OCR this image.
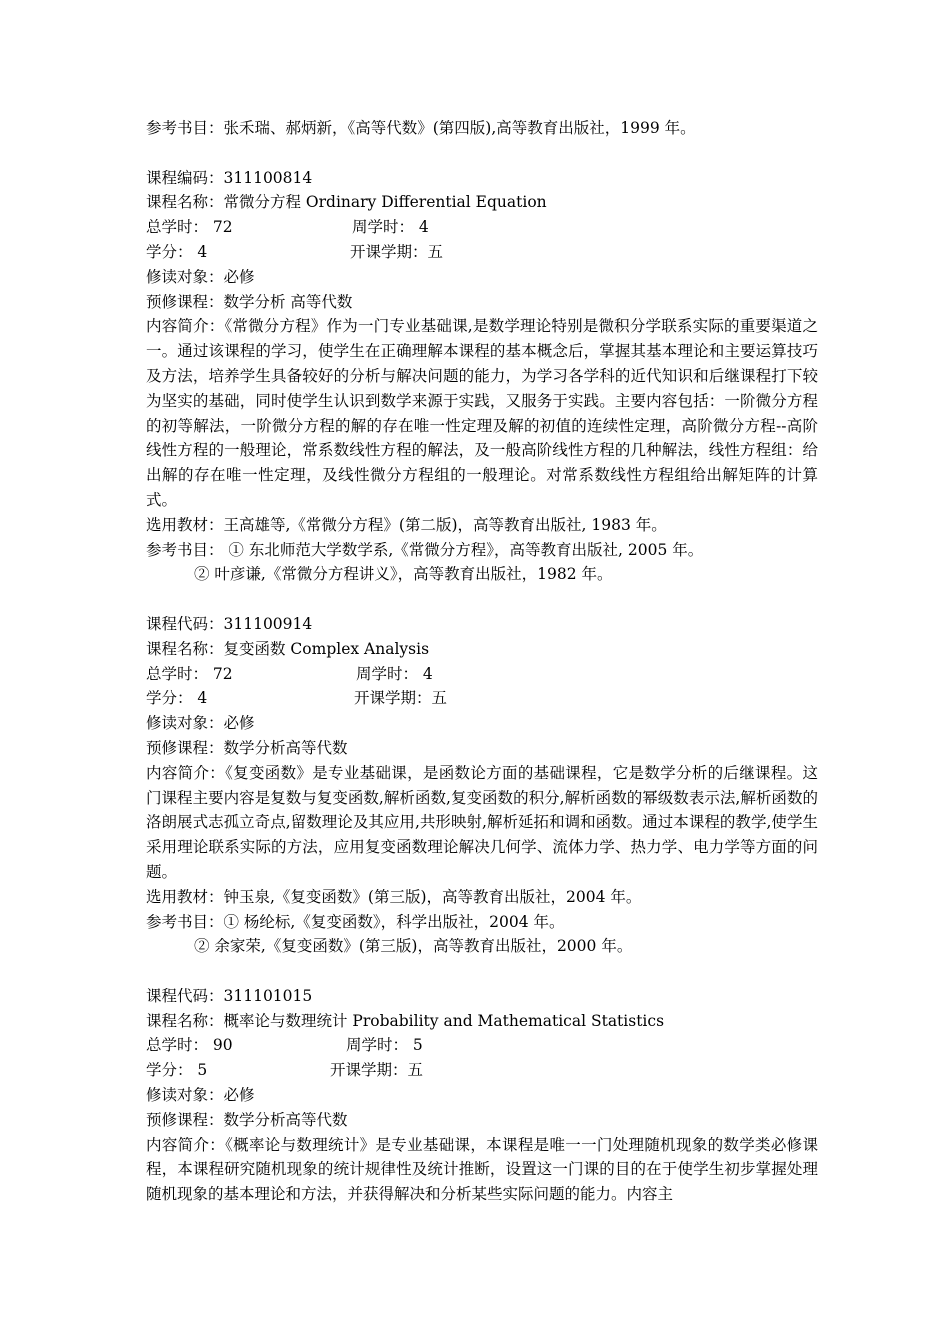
参考书目：张禾瑞、郝炳新，《高等代数》(第四版),高等教育出版社，1999 年。
课程编码：311100814
课程名称：常微分方程 Ordinary Differential Equation
总学时： 72	周学时： 4
学分： 4	开课学期：五
修读对象：必修
预修课程：数学分析 高等代数
内容简介：《常微分方程》作为一门专业基础课,是数学理论特别是微积分学联系实际的重要渠道之一。通过该课程的学习，使学生在正确理解本课程的基本概念后，掌握其基本理论和主要运算技巧及方法，培养学生具备较好的分析与解决问题的能力，为学习各学科的近代知识和后继课程打下较为坚实的基础，同时使学生认识到数学来源于实践，又服务于实践。主要内容包括：一阶微分方程的初等解法，一阶微分方程的解的存在唯一性定理及解的初值的连续性定理，高阶微分方程--高阶线性方程的一般理论，常系数线性方程的解法，及一般高阶线性方程的几种解法，线性方程组：给出解的存在唯一性定理，及线性微分方程组的一般理论。对常系数线性方程组给出解矩阵的计算式。
选用教材：王高雄等,《常微分方程》(第二版)，高等教育出版社, 1983 年。
参考书目： ① 东北师范大学数学系,《常微分方程》，高等教育出版社, 2005 年。
② 叶彦谦,《常微分方程讲义》，高等教育出版社，1982 年。
课程代码：311100914
课程名称：复变函数 Complex Analysis
总学时： 72	周学时： 4
学分： 4	开课学期：五
修读对象：必修
预修课程：数学分析高等代数
内容简介：《复变函数》是专业基础课，是函数论方面的基础课程，它是数学分析的后继课程。这门课程主要内容是复数与复变函数,解析函数,复变函数的积分,解析函数的幂级数表示法,解析函数的洛朗展式志孤立奇点,留数理论及其应用,共形映射,解析延拓和调和函数。通过本课程的教学,使学生采用理论联系实际的方法，应用复变函数理论解决几何学、流体力学、热力学、电力学等方面的问题。
选用教材：钟玉泉,《复变函数》(第三版)，高等教育出版社，2004 年。
参考书目：① 杨纶标,《复变函数》，科学出版社，2004 年。
② 余家荣,《复变函数》(第三版)，高等教育出版社，2000 年。
课程代码：311101015
课程名称：概率论与数理统计 Probability and Mathematical Statistics
总学时： 90	周学时： 5
学分： 5	开课学期：五
修读对象：必修
预修课程：数学分析高等代数
内容简介：《概率论与数理统计》是专业基础课，本课程是唯一一门处理随机现象的数学类必修课程，本课程研究随机现象的统计规律性及统计推断，设置这一门课的目的在于使学生初步掌握处理随机现象的基本理论和方法，并获得解决和分析某些实际问题的能力。内容主
